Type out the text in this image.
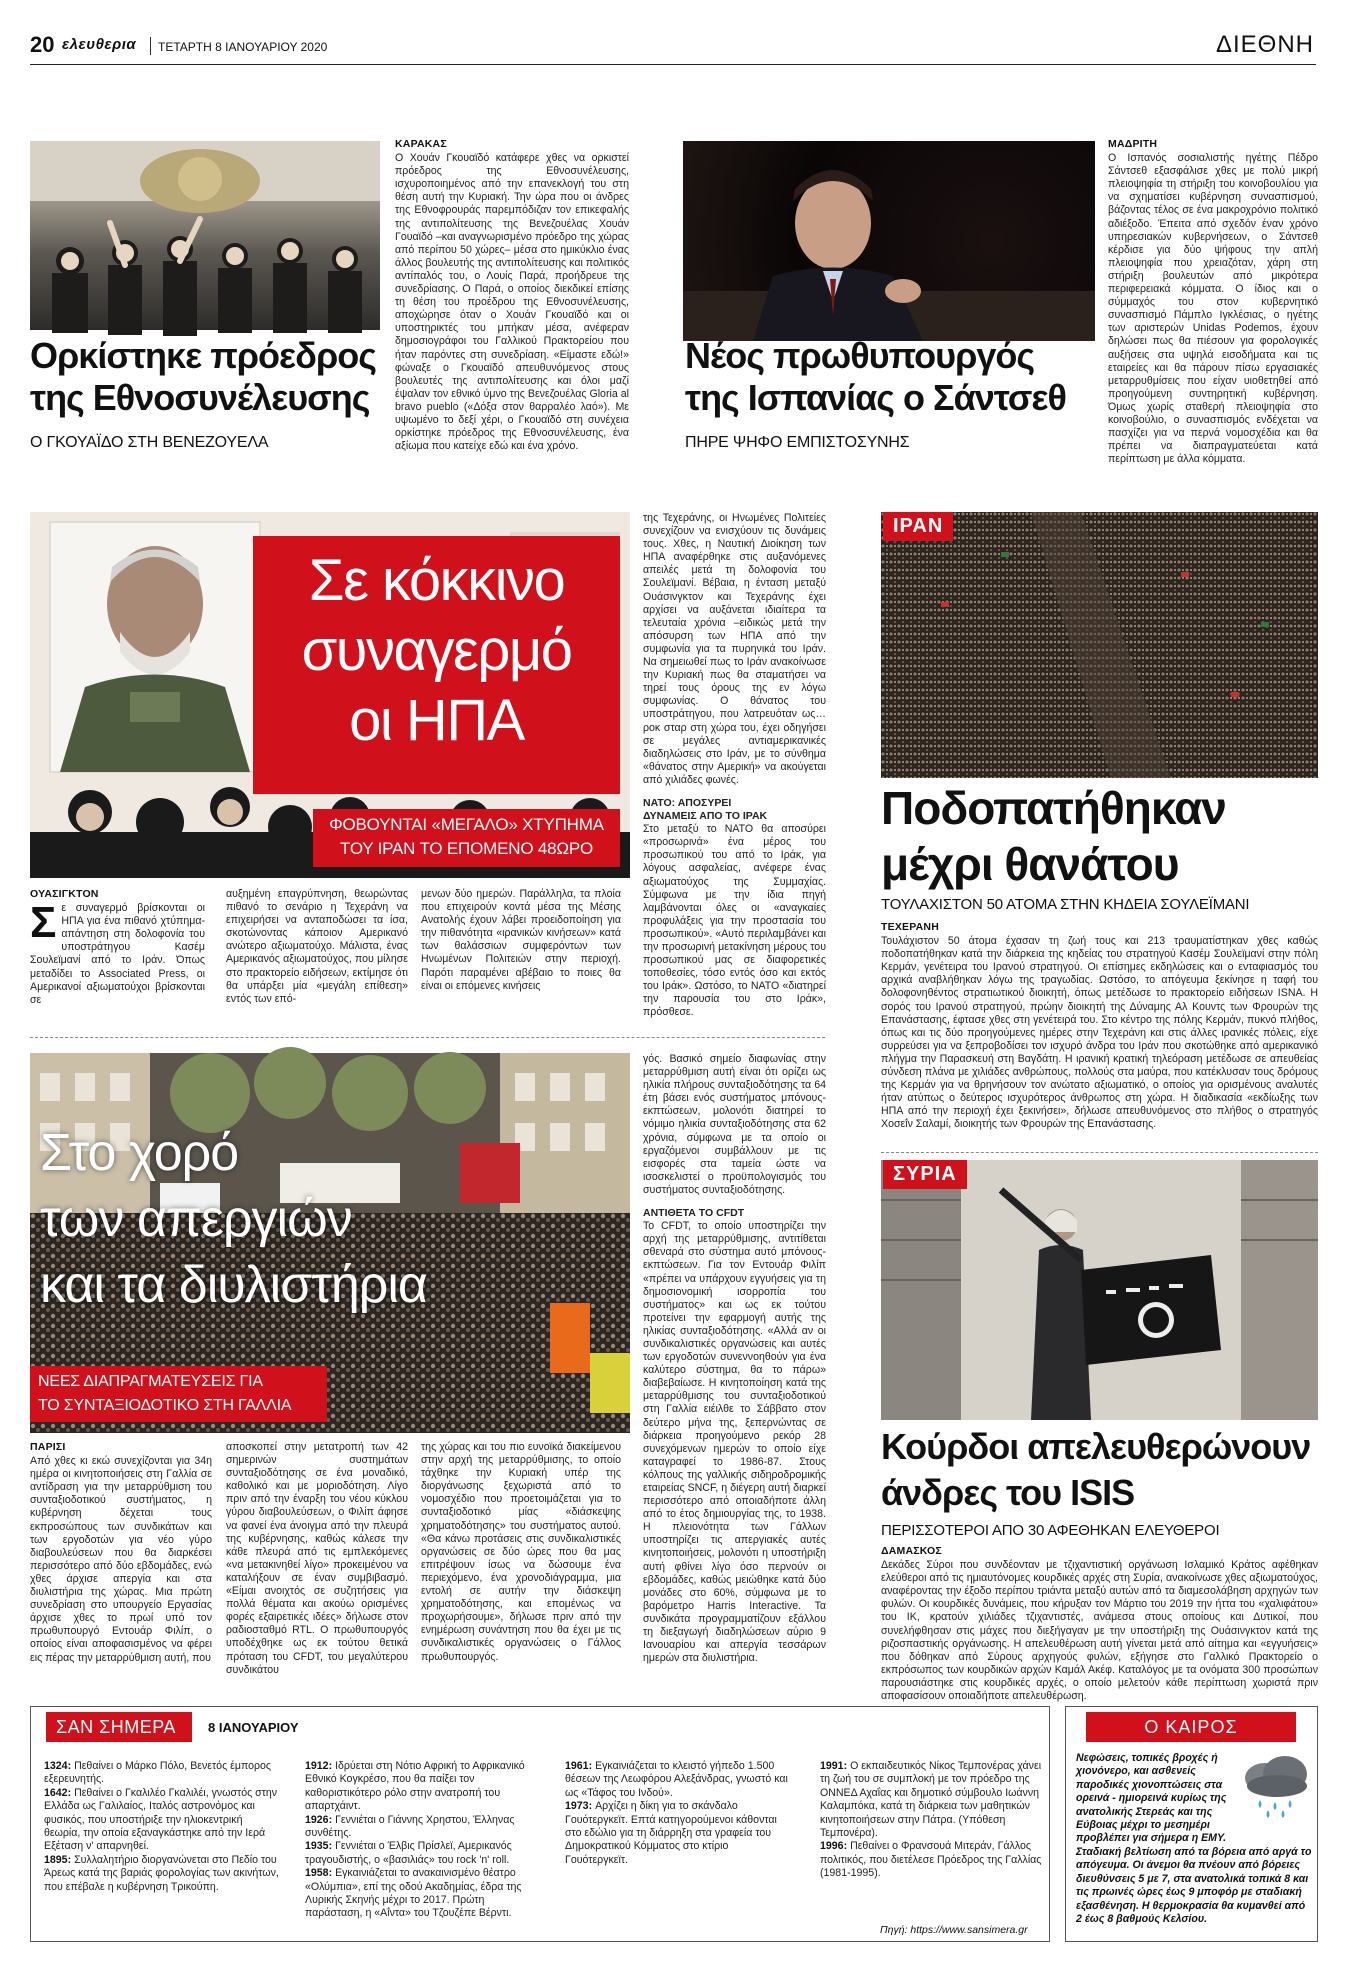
20 ελευθερια ΤΕΤΑΡΤΗ 8 ΙΑΝΟΥΑΡΙΟΥ 2020	ΔΙΕΘΝΗ
Ορκίστηκε πρόεδρος
της Εθνοσυνέλευσης
Ο ΓΚΟΥΑΪΔΟ ΣΤΗ ΒΕΝΕΖΟΥΕΛΑ
ΚΑΡΑΚΑΣ

Ο Χουάν Γκουαϊδό κατάφερε χθες να ορκιστεί πρόεδρος της Εθνοσυνέλευσης, ισχυροποιημένος από την επανεκλογή του στη θέση αυτή την Κυριακή. Την ώρα που οι άνδρες της Εθνοφρουράς παρεμπόδιζαν τον επικεφαλής της αντιπολίτευσης της Βενεζουέλας Χουάν Γουαϊδό –και αναγνωρισμένο πρόεδρο της χώρας από περίπου 50 χώρες– μέσα στο ημικύκλιο ένας άλλος βουλευτής της αντιπολίτευσης και πολιτικός αντίπαλός του, ο Λουίς Παρά, προήδρευε της συνεδρίασης. Ο Παρά, ο οποίος διεκδικεί επίσης τη θέση του προέδρου της Εθνοσυνέλευσης, αποχώρησε όταν ο Χουάν Γκουαϊδό και οι υποστηρικτές του μπήκαν μέσα, ανέφεραν δημοσιογράφοι του Γαλλικού Πρακτορείου που ήταν παρόντες στη συνεδρίαση. «Είμαστε εδώ!» φώναξε ο Γκουαϊδό απευθυνόμενος στους βουλευτές της αντιπολίτευσης και όλοι μαζί έψαλαν τον εθνικό ύμνο της Βενεζουέλας Gloria al bravo pueblo («Δόξα στον θαρραλέο λαό»). Με υψωμένο το δεξί χέρι, ο Γκουαϊδό στη συνέχεια ορκίστηκε πρόεδρος της Εθνοσυνέλευσης, ένα αξίωμα που κατείχε εδώ και ένα χρόνο.

Νέος πρωθυπουργός
της Ισπανίας ο Σάντσεθ
ΠΗΡΕ ΨΗΦΟ ΕΜΠΙΣΤΟΣΥΝΗΣ
ΜΑΔΡΙΤΗ

Ο Ισπανός σοσιαλιστής ηγέτης Πέδρο Σάντσεθ εξασφάλισε χθες με πολύ μικρή πλειοψηφία τη στήριξη του κοινοβουλίου για να σχηματίσει κυβέρνηση συνασπισμού, βάζοντας τέλος σε ένα μακροχρόνιο πολιτικό αδιέξοδο. Έπειτα από σχεδόν έναν χρόνο υπηρεσιακών κυβερνήσεων, ο Σάντσεθ κέρδισε για δύο ψήφους την απλή πλειοψηφία που χρειαζόταν, χάρη στη στήριξη βουλευτών από μικρότερα περιφερειακά κόμματα. Ο ίδιος και ο σύμμαχός του στον κυβερνητικό συνασπισμό Πάμπλο Ιγκλέσιας, ο ηγέτης των αριστερών Unidas Podemos, έχουν δηλώσει πως θα πιέσουν για φορολογικές αυξήσεις στα υψηλά εισοδήματα και τις εταιρείες και θα πάρουν πίσω εργασιακές μεταρρυθμίσεις που είχαν υιοθετηθεί από προηγούμενη συντηρητική κυβέρνηση. Όμως χωρίς σταθερή πλειοψηφία στο κοινοβούλιο, ο συνασπισμός ενδέχεται να πασχίζει για να περνά νομοσχέδια και θα πρέπει να διαπραγματεύεται κατά περίπτωση με άλλα κόμματα.

Σε κόκκινο
συναγερμό
οι ΗΠΑ
ΦΟΒΟΥΝΤΑΙ «ΜΕΓΑΛΟ» ΧΤΥΠΗΜΑ
ΤΟΥ ΙΡΑΝ ΤΟ ΕΠΟΜΕΝΟ 48ΩΡΟ
ΟΥΑΣΙΓΚΤΟΝ
Σ ε συναγερμό βρίσκονται οι ΗΠΑ για ένα πιθανό χτύπημα-απάντηση στη δολοφονία του υποστράτηγου Κασέμ Σουλεϊμανί από το Ιράν. Όπως μεταδίδει το Associated Press, οι Αμερικανοί αξιωματούχοι βρίσκονται σε

αυξημένη επαγρύπνηση, θεωρώντας πιθανό το σενάριο η Τεχεράνη να επιχειρήσει να ανταποδώσει τα ίσα, σκοτώνοντας κάποιον Αμερικανό ανώτερο αξιωματούχο. Μάλιστα, ένας Αμερικανός αξιωματούχος, που μίλησε στο πρακτορείο ειδήσεων, εκτίμησε ότι θα υπάρξει μία «μεγάλη επίθεση» εντός των επό-

μενων δύο ημερών. Παράλληλα, τα πλοία που επιχειρούν κοντά μέσα της Μέσης Ανατολής έχουν λάβει προειδοποίηση για την πιθανότητα «ιρανικών κινήσεων» κατά των θαλάσσιων συμφερόντων των Ηνωμένων Πολιτειών στην περιοχή. Παρότι παραμένει αβέβαιο το ποιες θα είναι οι επόμενες κινήσεις

της Τεχεράνης, οι Ηνωμένες Πολιτείες συνεχίζουν να ενισχύουν τις δυνάμεις τους. Χθες, η Ναυτική Διοίκηση των ΗΠΑ αναφέρθηκε στις αυξανόμενες απειλές μετά τη δολοφονία του Σουλεϊμανί. Βέβαια, η ένταση μεταξύ Ουάσινγκτον και Τεχεράνης έχει αρχίσει να αυξάνεται ιδιαίτερα τα τελευταία χρόνια –ειδικώς μετά την απόσυρση των ΗΠΑ από την συμφωνία για τα πυρηνικά του Ιράν. Να σημειωθεί πως το Ιράν ανακοίνωσε την Κυριακή πως θα σταματήσει να τηρεί τους όρους της εν λόγω συμφωνίας. Ο θάνατος του υποστράτηγου, που λατρευόταν ως… ροκ σταρ στη χώρα του, έχει οδηγήσει σε μεγάλες αντιαμερικανικές διαδηλώσεις στο Ιράν, με το σύνθημα «θάνατος στην Αμερική» να ακούγεται από χιλιάδες φωνές.

ΝΑΤΟ: ΑΠΟΣΥΡΕΙ
ΔΥΝΑΜΕΙΣ ΑΠΟ ΤΟ ΙΡΑΚ

Στο μεταξύ το ΝΑΤΟ θα αποσύρει «προσωρινά» ένα μέρος του προσωπικού του από το Ιράκ, για λόγους ασφαλείας, ανέφερε ένας αξιωματούχος της Συμμαχίας. Σύμφωνα με την ίδια πηγή λαμβάνονται όλες οι «αναγκαίες προφυλάξεις για την προστασία του προσωπικού». «Αυτό περιλαμβάνει και την προσωρινή μετακίνηση μέρους του προσωπικού μας σε διαφορετικές τοποθεσίες, τόσο εντός όσο και εκτός του Ιράκ». Ωστόσο, το ΝΑΤΟ «διατηρεί την παρουσία του στο Ιράκ», πρόσθεσε.

ΙΡΑΝ
Ποδοπατήθηκαν
μέχρι θανάτου
ΤΟΥΛΑΧΙΣΤΟΝ 50 ΑΤΟΜΑ ΣΤΗΝ ΚΗΔΕΙΑ ΣΟΥΛΕΪΜΑΝΙ
ΤΕΧΕΡΑΝΗ

Τουλάχιστον 50 άτομα έχασαν τη ζωή τους και 213 τραυματίστηκαν χθες καθώς ποδοπατήθηκαν κατά την διάρκεια της κηδείας του στρατηγού Κασέμ Σουλεϊμανί στην πόλη Κερμάν, γενέτειρα του Ιρανού στρατηγού. Οι επίσημες εκδηλώσεις και ο ενταφιασμός του αρχικά αναβλήθηκαν λόγω της τραγωδίας. Ωστόσο, το απόγευμα ξεκίνησε η ταφή του δολοφονηθέντος στρατιωτικού διοικητή, όπως μετέδωσε το πρακτορείο ειδήσεων ISNA. Η σορός του Ιρανού στρατηγού, πρώην διοικητή της Δύναμης Αλ Κουντς των Φρουρών της Επανάστασης, έφτασε χθες στη γενέτειρά του. Στο κέντρο της πόλης Κερμάν, πυκνό πλήθος, όπως και τις δύο προηγούμενες ημέρες στην Τεχεράνη και στις άλλες ιρανικές πόλεις, είχε συρρεύσει για να ξεπροβοδίσει τον ισχυρό άνδρα του Ιράν που σκοτώθηκε από αμερικανικό πλήγμα την Παρασκευή στη Βαγδάτη. Η ιρανική κρατική τηλεόραση μετέδωσε σε απευθείας σύνδεση πλάνα με χιλιάδες ανθρώπους, πολλούς στα μαύρα, που κατέκλυσαν τους δρόμους της Κερμάν για να θρηνήσουν τον ανώτατο αξιωματικό, ο οποίος για ορισμένους αναλυτές ήταν ατύπως ο δεύτερος ισχυρότερος άνθρωπος στη χώρα. Η διαδικασία «εκδίωξης των ΗΠΑ από την περιοχή έχει ξεκινήσει», δήλωσε απευθυνόμενος στο πλήθος ο στρατηγός Χοσεΐν Σαλαμί, διοικητής των Φρουρών της Επανάστασης.

Στο χορό
των απεργιών
και τα διυλιστήρια
ΝΕΕΣ ΔΙΑΠΡΑΓΜΑΤΕΥΣΕΙΣ ΓΙΑ
ΤΟ ΣΥΝΤΑΞΙΟΔΟΤΙΚΟ ΣΤΗ ΓΑΛΛΙΑ
ΠΑΡΙΣΙ

Από χθες κι εκώ συνεχίζονται για 34η ημέρα οι κινητοποιήσεις στη Γαλλία σε αντίδραση για την μεταρρύθμιση του συνταξιοδοτικού συστήματος, η κυβέρνηση δέχεται τους εκπροσώπους των συνδικάτων και των εργοδοτών για νέο γύρο διαβουλεύσεων που θα διαρκέσει περισσότερο από δύο εβδομάδες, ενώ χθες άρχισε απεργία και στα διυλιστήρια της χώρας. Μια πρώτη συνεδρίαση στο υπουργείο Εργασίας άρχισε χθες το πρωί υπό τον πρωθυπουργό Εντουάρ Φιλίπ, ο οποίος είναι αποφασισμένος να φέρει εις πέρας την μεταρρύθμιση αυτή, που

αποσκοπεί στην μετατροπή των 42 σημερινών συστημάτων συνταξιοδότησης σε ένα μοναδικό, καθολικό και με μοριοδότηση. Λίγο πριν από την έναρξη του νέου κύκλου γύρου διαβουλεύσεων, ο Φιλίπ άφησε να φανεί ένα άνοιγμα από την πλευρά της κυβέρνησης, καθώς κάλεσε την κάθε πλευρά από τις εμπλεκόμενες «να μετακινηθεί λίγο» προκειμένου να καταλήξουν σε έναν συμβιβασμό. «Είμαι ανοιχτός σε συζητήσεις για πολλά θέματα και ακούω ορισμένες φορές εξαιρετικές ιδέες» δήλωσε στον ραδιοσταθμό RTL. Ο πρωθυπουργός υποδέχθηκε ως εκ τούτου θετικά πρόταση του CFDT, του μεγαλύτερου συνδικάτου

της χώρας και του πιο ευνοϊκά διακείμενου στην αρχή της μεταρρύθμισης, το οποίο τάχθηκε την Κυριακή υπέρ της διοργάνωσης ξεχωριστά από το νομοσχέδιο που προετοιμάζεται για το συνταξιοδοτικό μίας «διάσκεψης χρηματοδότησης» του συστήματος αυτού. «Θα κάνω προτάσεις στις συνδικαλιστικές οργανώσεις σε δύο ώρες που θα μας επιτρέψουν ίσως να δώσουμε ένα περιεχόμενο, ένα χρονοδιάγραμμα, μια εντολή σε αυτήν την διάσκεψη χρηματοδότησης, και επομένως να προχωρήσουμε», δήλωσε πριν από την ενημέρωση συνάντηση που θα έχει με τις συνδικαλιστικές οργανώσεις ο Γάλλος πρωθυπουργός.

γός. Βασικό σημείο διαφωνίας στην μεταρρύθμιση αυτή είναι ότι ορίζει ως ηλικία πλήρους συνταξιοδότησης τα 64 έτη βάσει ενός συστήματος μπόνους-εκπτώσεων, μολονότι διατηρεί το νόμιμο ηλικία συνταξιοδότησης στα 62 χρόνια, σύμφωνα με τα οποίο οι εργαζόμενοι συμβάλλουν με τις εισφορές στα ταμεία ώστε να ισοσκελιστεί ο προϋπολογισμός του συστήματος συνταξιοδότησης.

ΑΝΤΙΘΕΤΑ ΤΟ CFDT

Το CFDT, το οποίο υποστηρίζει την αρχή της μεταρρύθμισης, αντιτίθεται σθεναρά στο σύστημα αυτό μπόνους-εκπτώσεων. Για τον Εντουάρ Φιλίπ «πρέπει να υπάρχουν εγγυήσεις για τη δημοσιονομική ισορροπία του συστήματος» και ως εκ τούτου προτείνει την εφαρμογή αυτής της ηλικίας συνταξιοδότησης. «Αλλά αν οι συνδικαλιστικές οργανώσεις και αυτές των εργοδοτών συνεννοηθούν για ένα καλύτερο σύστημα, θα το πάρω» διαβεβαίωσε. Η κινητοποίηση κατά της μεταρρύθμισης του συνταξιοδοτικού στη Γαλλία ειέιλθε το Σάββατο στον δεύτερο μήνα της, ξεπερνώντας σε διάρκεια προηγούμενο ρεκόρ 28 συνεχόμενων ημερών το οποίο είχε καταγραφεί το 1986-87. Στους κόλπους της γαλλικής σιδηροδρομικής εταιρείας SNCF, η διέγερη αυτή διαρκεί περισσότερο από οποιαδήποτε άλλη από το έτος δημιουργίας της, το 1938. Η πλειονότητα των Γάλλων υποστηρίζει τις απεργιακές αυτές κινητοποιήσεις, μολονότι η υποστήριξη αυτή φθίνει λίγο όσο περνούν οι εβδομάδες, καθώς μειώθηκε κατά δύο μονάδες στο 60%, σύμφωνα με το βαρόμετρο Harris Interactive. Τα συνδικάτα προγραμματίζουν εξάλλου τη διεξαγωγή διαδηλώσεων αύριο 9 Ιανουαρίου και απεργία τεσσάρων ημερών στα διυλιστήρια.

ΣΥΡΙΑ
Κούρδοι απελευθερώνουν
άνδρες του ISIS
ΠΕΡΙΣΣΟΤΕΡΟΙ ΑΠΟ 30 ΑΦΕΘΗΚΑΝ ΕΛΕΥΘΕΡΟΙ
ΔΑΜΑΣΚΟΣ

Δεκάδες Σύροι που συνδέονταν με τζιχαντιστική οργάνωση Ισλαμικό Κράτος αφέθηκαν ελεύθεροι από τις ημιαυτόνομες κουρδικές αρχές στη Συρία, ανακοίνωσε χθες αξιωματούχος, αναφέροντας την έξοδο περίπου τριάντα μεταξύ αυτών από τα διαμεσολάβηση αρχηγών των φυλών. Οι κουρδικές δυνάμεις, που κήρυξαν τον Μάρτιο του 2019 την ήττα του «χαλιφάτου» του ΙΚ, κρατούν χιλιάδες τζιχαντιστές, ανάμεσα στους οποίους και Δυτικοί, που συνελήφθησαν στις μάχες που διεξήγαγαν με την υποστήριξη της Ουάσινγκτον κατά της ριζοσπαστικής οργάνωσης. Η απελευθέρωση αυτή γίνεται μετά από αίτημα και «εγγυήσεις» που δόθηκαν από Σύρους αρχηγούς φυλών, εξήγησε στο Γαλλικό Πρακτορείο ο εκπρόσωπος των κουρδικών αρχών Καμάλ Ακέφ. Καταλόγος με τα ονόματα 300 προσώπων παρουσιάστηκε στις κουρδικές αρχές, ο οποίο μελετούν κάθε περίπτωση χωριστά πριν αποφασίσουν οποιαδήποτε απελευθέρωση.

ΣΑΝ ΣΗΜΕΡΑ	8 ΙΑΝΟΥΑΡΙΟΥ

1324: Πεθαίνει ο Μάρκο Πόλο, Βενετός έμπορος εξερευνητής.

1642: Πεθαίνει ο Γκαλιλέο Γκαλιλέι, γνωστός στην Ελλάδα ως Γαλιλαίος, Ιταλός αστρονόμος και φυσικός, που υποστήριξε την ηλιοκεντρική θεωρία, την οποία εξαναγκάστηκε από την Ιερά Εξέταση ν' απαρνηθεί.

1895: Συλλαλητήριο διοργανώνεται στο Πεδίο του Άρεως κατά της βαριάς φορολογίας των ακινήτων, που επέβαλε η κυβέρνηση Τρικούπη.

1912: Ιδρύεται στη Νότιο Αφρική το Αφρικανικό Εθνικό Κογκρέσο, που θα παίξει τον καθοριστικότερο ρόλο στην ανατροπή του απαρτχάιντ.

1926: Γεννιέται ο Γιάννης Χρηστου, Έλληνας συνθέτης.

1935: Γεννιέται ο Έλβις Πρίσλεϊ, Αμερικανός τραγουδιστής, ο «βασιλιάς» του rock 'n' roll.

1958: Εγκαινιάζεται το ανακαινισμένο θέατρο «Ολύμπια», επί της οδού Ακαδημίας, έδρα της Λυρικής Σκηνής μέχρι το 2017. Πρώτη παράσταση, η «Αΐντα» του Τζουζέπε Βέρντι.

1961: Εγκαινιάζεται το κλειστό γήπεδο 1.500 θέσεων της Λεωφόρου Αλεξάνδρας, γνωστό και ως «Τάφος του Ινδού».

1973: Αρχίζει η δίκη για το σκάνδαλο Γουότεργκεϊτ. Επτά κατηγορούμενοι κάθονται στο εδώλιο για τη διάρρηξη στα γραφεία του Δημοκρατικού Κόμματος στο κτίριο Γουότεργκεϊτ.

1991: Ο εκπαιδευτικός Νίκος Τεμπονέρας χάνει τη ζωή του σε συμπλοκή με τον πρόεδρο της ΟΝΝΕΔ Αχαΐας και δημοτικό σύμβουλο Ιωάννη Καλαμπόκα, κατά τη διάρκεια των μαθητικών κινητοποιήσεων στην Πάτρα. (Υπόθεση Τεμπονέρα).

1996: Πεθαίνει ο Φρανσουά Μιτεράν, Γάλλος πολιτικός, που διετέλεσε Πρόεδρος της Γαλλίας (1981-1995).

Πηγή: https://www.sansimera.gr
Ο ΚΑΙΡΟΣ
Νεφώσεις, τοπικές βροχές ή χιονόνερο, και ασθενείς παροδικές χιονοπτώσεις στα ορεινά - ημιορεινά κυρίως της ανατολικής Στερεάς και της Εύβοιας μέχρι το μεσημέρι προβλέπει για σήμερα η ΕΜΥ.
Σταδιακή βελτίωση από τα βόρεια από αργά το απόγευμα. Οι άνεμοι θα πνέουν από βόρειες διευθύνσεις 5 με 7, στα ανατολικά τοπικά 8 και τις πρωινές ώρες έως 9 μποφόρ με σταδιακή εξασθένηση. Η θερμοκρασία θα κυμανθεί από 2 έως 8 βαθμούς Κελσίου.
